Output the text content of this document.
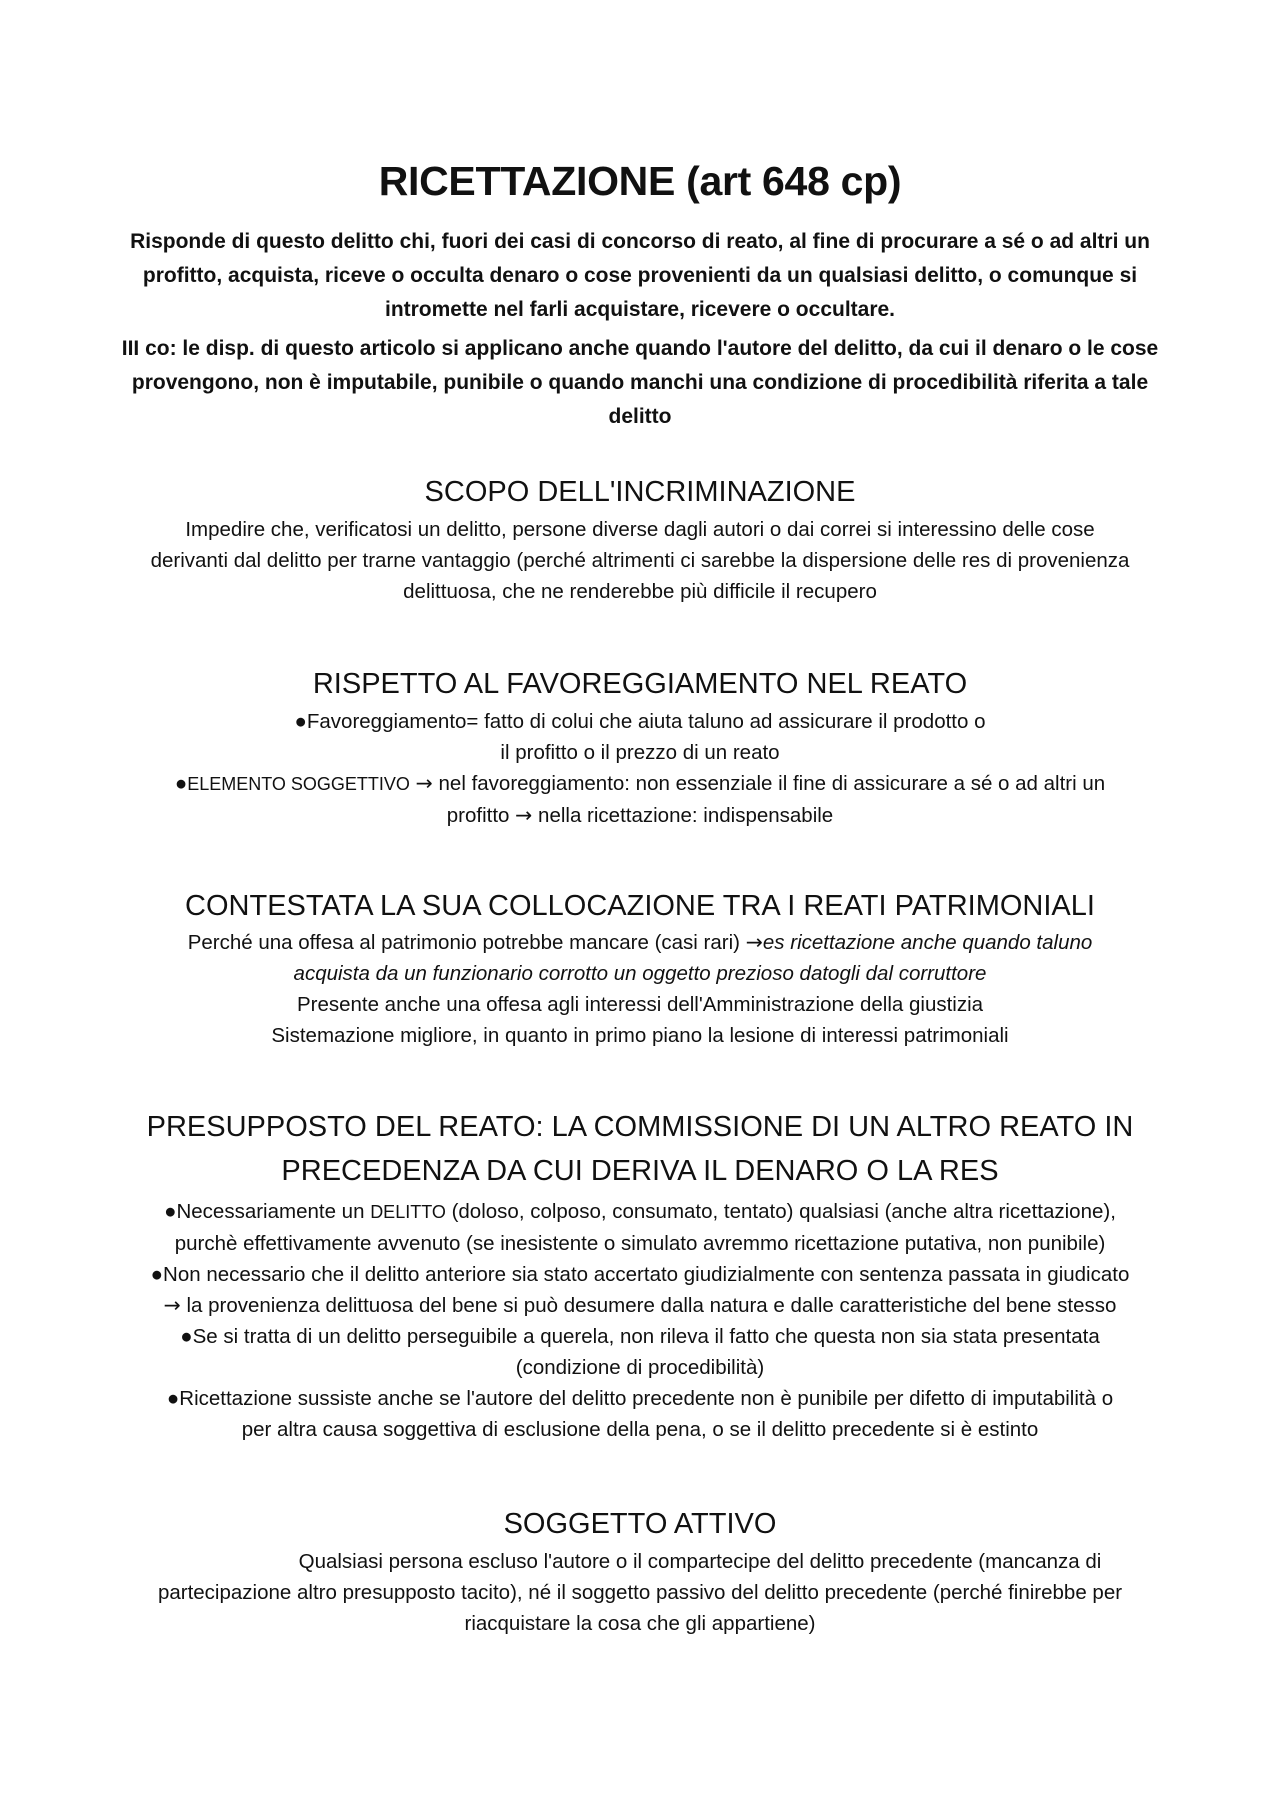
RICETTAZIONE (art 648 cp)
Risponde di questo delitto chi, fuori dei casi di concorso di reato, al fine di procurare a sé o ad altri un profitto, acquista, riceve o occulta denaro o cose provenienti da un qualsiasi delitto, o comunque si intromette nel farli acquistare, ricevere o occultare.
III co: le disp. di questo articolo si applicano anche quando l'autore del delitto, da cui il denaro o le cose provengono, non è imputabile, punibile o quando manchi una condizione di procedibilità riferita a tale delitto
SCOPO DELL'INCRIMINAZIONE
Impedire che, verificatosi un delitto, persone diverse dagli autori o dai correi si interessino delle cose derivanti dal delitto per trarne vantaggio (perché altrimenti ci sarebbe la dispersione delle res di provenienza delittuosa, che ne renderebbe più difficile il recupero
RISPETTO AL FAVOREGGIAMENTO NEL REATO

●Favoreggiamento= fatto di colui che aiuta taluno ad assicurare il prodotto o

il profitto o il prezzo di un reato

●ELEMENTO SOGGETTIVO → nel favoreggiamento: non essenziale il fine di assicurare a sé o ad altri un

profitto → nella ricettazione: indispensabile

CONTESTATA LA SUA COLLOCAZIONE TRA I REATI PATRIMONIALI

Perché una offesa al patrimonio potrebbe mancare (casi rari) →es ricettazione anche quando taluno

acquista da un funzionario corrotto un oggetto prezioso datogli dal corruttore

Presente anche una offesa agli interessi dell'Amministrazione della giustizia

Sistemazione migliore, in quanto in primo piano la lesione di interessi patrimoniali

PRESUPPOSTO DEL REATO: LA COMMISSIONE DI UN ALTRO REATO IN
PRECEDENZA DA CUI DERIVA IL DENARO O LA RES

●Necessariamente un DELITTO (doloso, colposo, consumato, tentato) qualsiasi (anche altra ricettazione),

purchè effettivamente avvenuto (se inesistente o simulato avremmo ricettazione putativa, non punibile)

●Non necessario che il delitto anteriore sia stato accertato giudizialmente con sentenza passata in giudicato

→ la provenienza delittuosa del bene si può desumere dalla natura e dalle caratteristiche del bene stesso

●Se si tratta di un delitto perseguibile a querela, non rileva il fatto che questa non sia stata presentata

(condizione di procedibilità)

●Ricettazione sussiste anche se l'autore del delitto precedente non è punibile per difetto di imputabilità o

per altra causa soggettiva di esclusione della pena, o se il delitto precedente si è estinto

SOGGETTO ATTIVO

Qualsiasi persona escluso l'autore o il compartecipe del delitto precedente (mancanza di

partecipazione altro presupposto tacito), né il soggetto passivo del delitto precedente (perché finirebbe per

riacquistare la cosa che gli appartiene)
